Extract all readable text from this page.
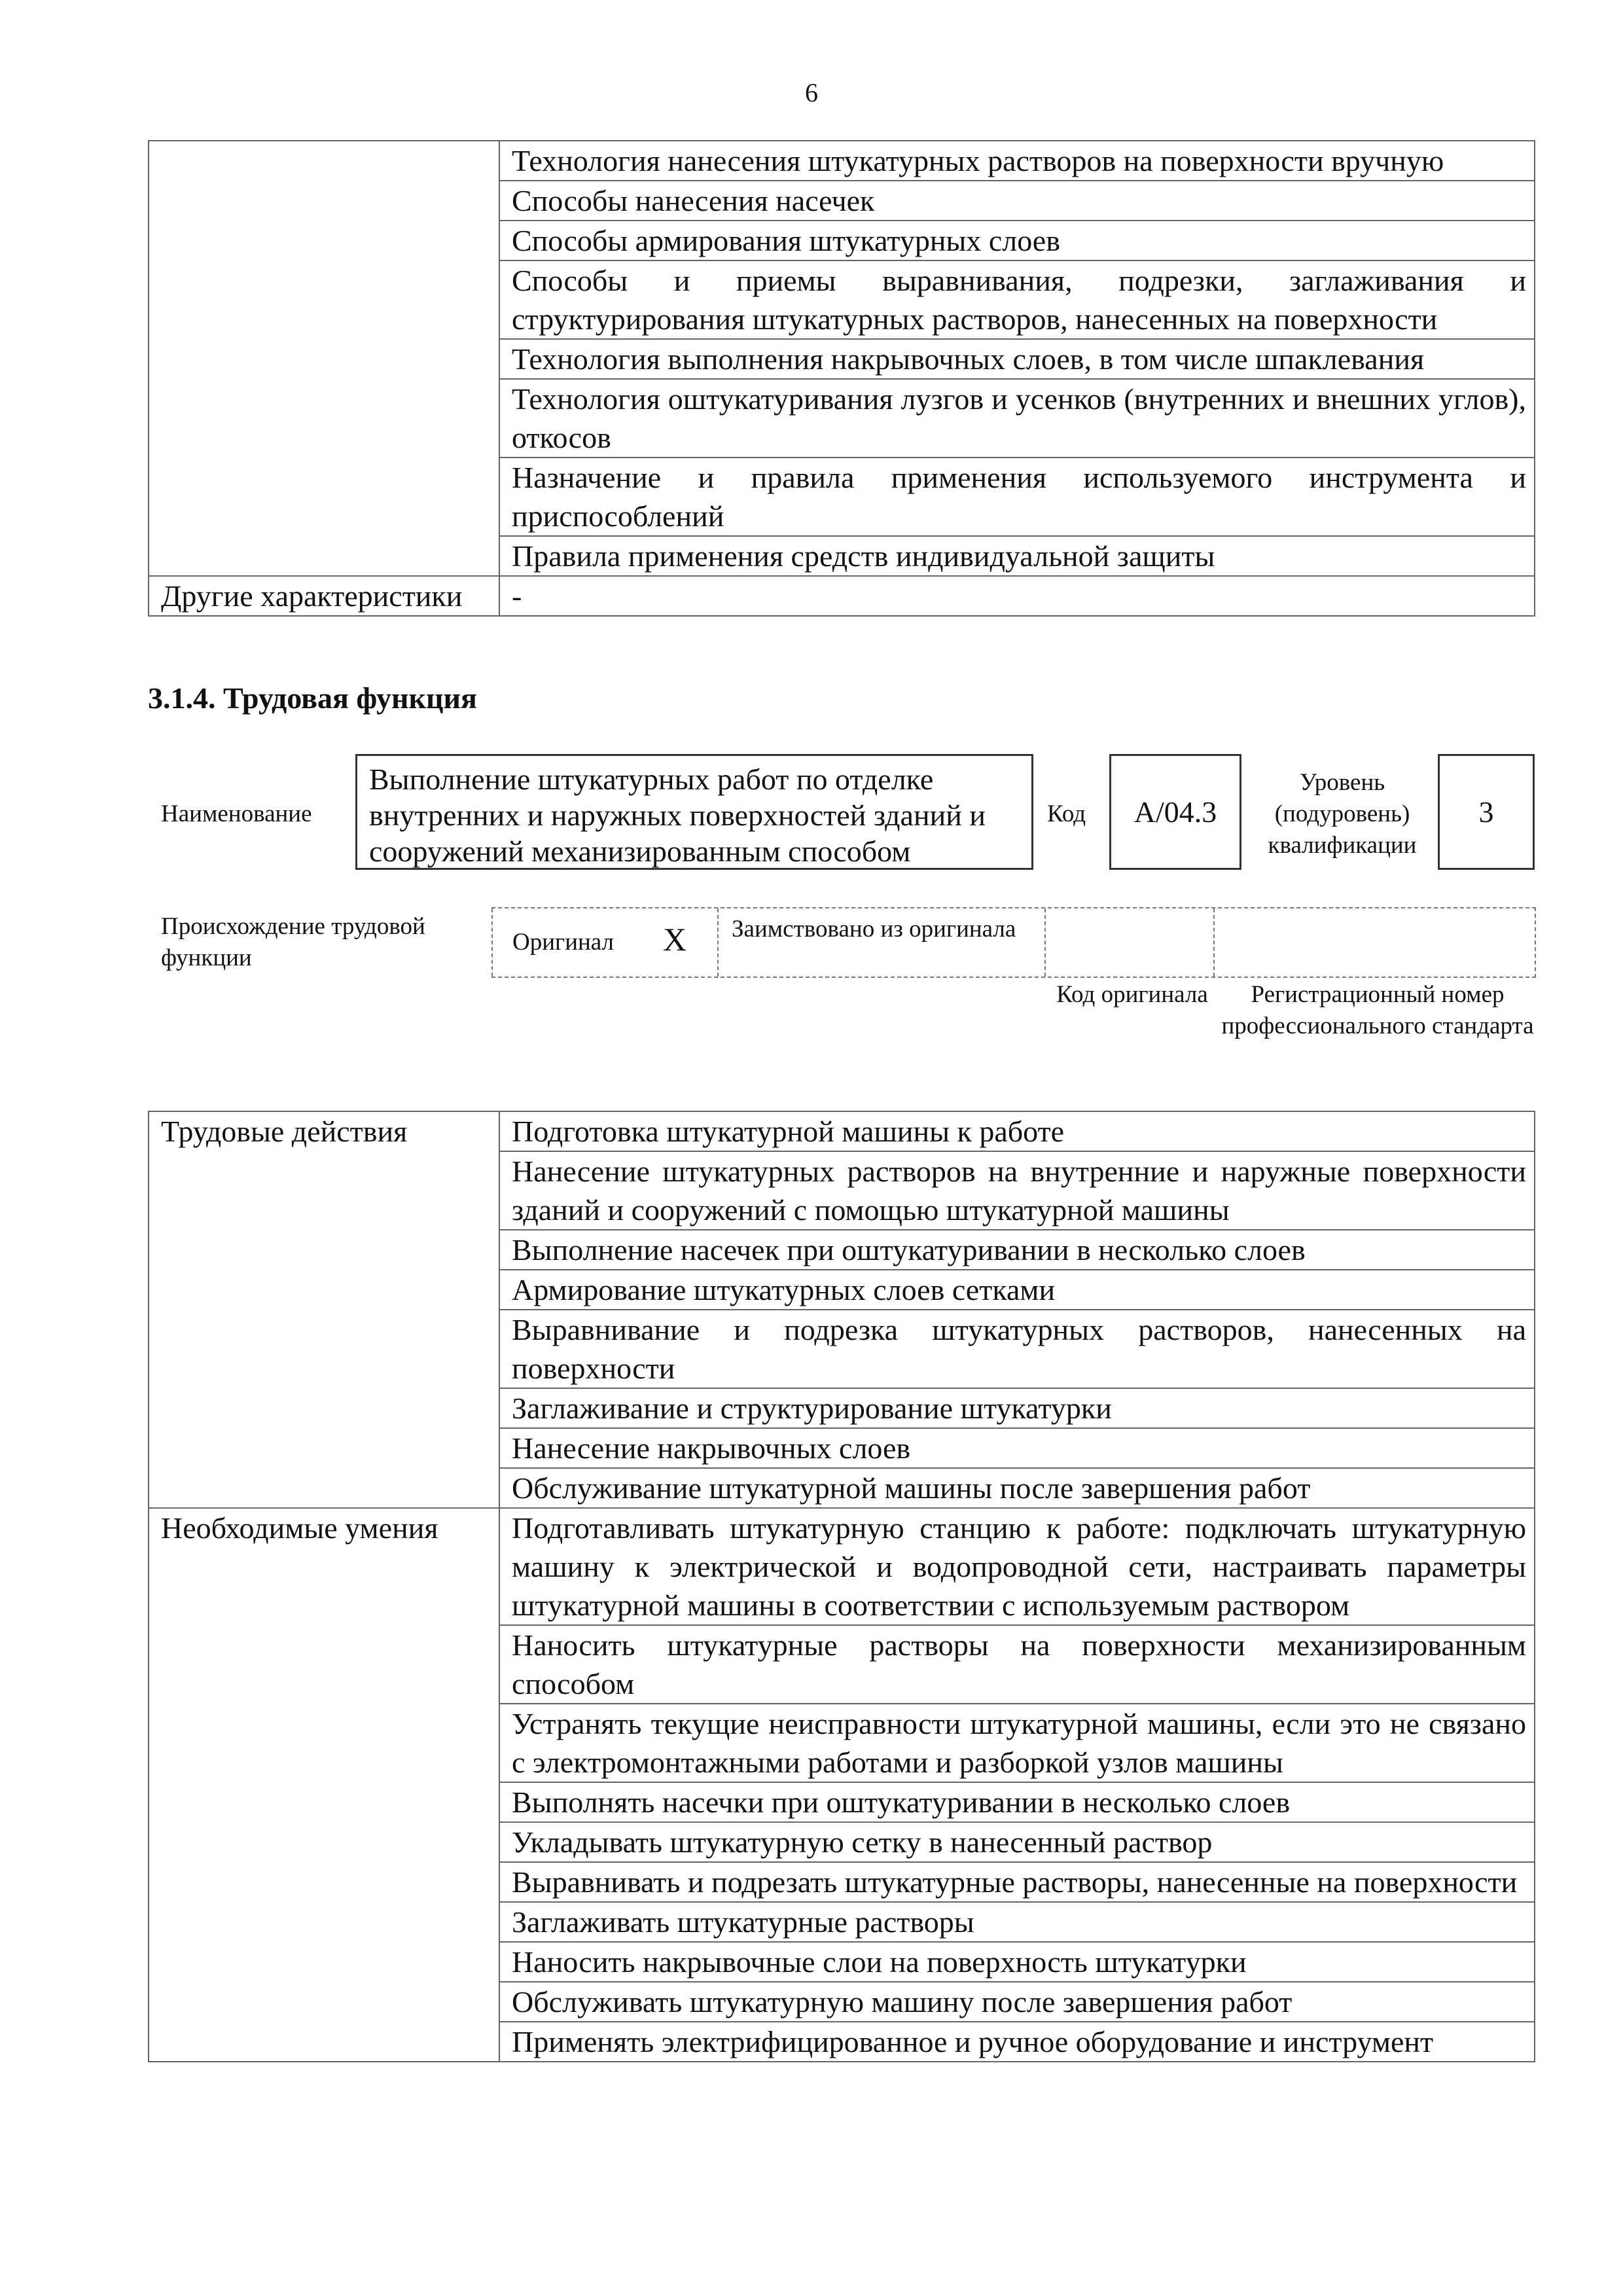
6
	Технология нанесения штукатурных растворов на поверхности вручную
	Способы нанесения насечек
	Способы армирования штукатурных слоев
	Способы и приемы выравнивания, подрезки, заглаживания и структурирования штукатурных растворов, нанесенных на поверхности
	Технология выполнения накрывочных слоев, в том числе шпаклевания
	Технология оштукатуривания лузгов и усенков (внутренних и внешних углов), откосов
	Назначение и правила применения используемого инструмента и приспособлений
	Правила применения средств индивидуальной защиты
Другие характеристики	-
3.1.4. Трудовая функция
Наименование
Выполнение штукатурных работ по отделке внутренних и наружных поверхностей зданий и сооружений механизированным способом
Код	A/04.3
Уровень (подуровень) квалификации
3
Происхождение трудовой функции
Оригинал X Заимствовано из оригинала
Код оригинала	Регистрационный номер профессионального стандарта
Трудовые действия	Подготовка штукатурной машины к работе
	Нанесение штукатурных растворов на внутренние и наружные поверхности зданий и сооружений с помощью штукатурной машины
	Выполнение насечек при оштукатуривании в несколько слоев
	Армирование штукатурных слоев сетками
	Выравнивание и подрезка штукатурных растворов, нанесенных на поверхности
	Заглаживание и структурирование штукатурки
	Нанесение накрывочных слоев
	Обслуживание штукатурной машины после завершения работ
Необходимые умения	Подготавливать штукатурную станцию к работе: подключать штукатурную машину к электрической и водопроводной сети, настраивать параметры штукатурной машины в соответствии с используемым раствором
	Наносить штукатурные растворы на поверхности механизированным способом
	Устранять текущие неисправности штукатурной машины, если это не связано с электромонтажными работами и разборкой узлов машины
	Выполнять насечки при оштукатуривании в несколько слоев
	Укладывать штукатурную сетку в нанесенный раствор
	Выравнивать и подрезать штукатурные растворы, нанесенные на поверхности
	Заглаживать штукатурные растворы
	Наносить накрывочные слои на поверхность штукатурки
	Обслуживать штукатурную машину после завершения работ
	Применять электрифицированное и ручное оборудование и инструмент
